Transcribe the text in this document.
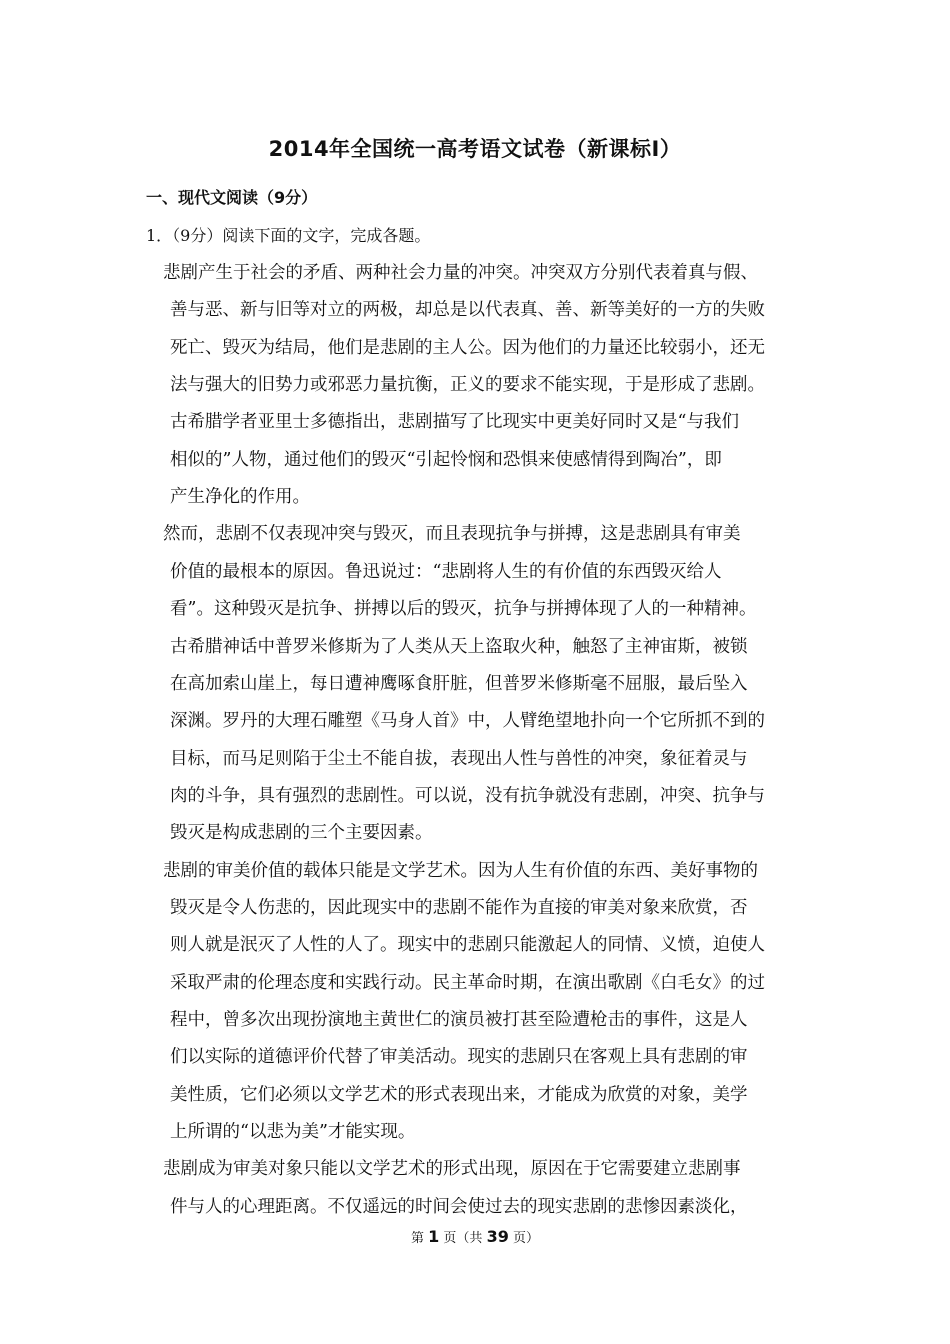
2014年全国统一高考语文试卷（新课标Ⅰ）
一、现代文阅读（9分）
1．（9分）阅读下面的文字，完成各题。
悲剧产生于社会的矛盾、两种社会力量的冲突。冲突双方分别代表着真与假、
善与恶、新与旧等对立的两极，却总是以代表真、善、新等美好的一方的失败
死亡、毁灭为结局，他们是悲剧的主人公。因为他们的力量还比较弱小，还无
法与强大的旧势力或邪恶力量抗衡，正义的要求不能实现，于是形成了悲剧。
古希腊学者亚里士多德指出，悲剧描写了比现实中更美好同时又是“与我们
相似的”人物，通过他们的毁灭“引起怜悯和恐惧来使感情得到陶冶”，即
产生净化的作用。
然而，悲剧不仅表现冲突与毁灭，而且表现抗争与拼搏，这是悲剧具有审美
价值的最根本的原因。鲁迅说过：“悲剧将人生的有价值的东西毁灭给人
看”。这种毁灭是抗争、拼搏以后的毁灭，抗争与拼搏体现了人的一种精神。
古希腊神话中普罗米修斯为了人类从天上盗取火种，触怒了主神宙斯，被锁
在高加索山崖上，每日遭神鹰啄食肝脏，但普罗米修斯毫不屈服，最后坠入
深渊。罗丹的大理石雕塑《马身人首》中，人臂绝望地扑向一个它所抓不到的
目标，而马足则陷于尘土不能自拔，表现出人性与兽性的冲突，象征着灵与
肉的斗争，具有强烈的悲剧性。可以说，没有抗争就没有悲剧，冲突、抗争与
毁灭是构成悲剧的三个主要因素。
悲剧的审美价值的载体只能是文学艺术。因为人生有价值的东西、美好事物的
毁灭是令人伤悲的，因此现实中的悲剧不能作为直接的审美对象来欣赏，否
则人就是泯灭了人性的人了。现实中的悲剧只能激起人的同情、义愤，迫使人
采取严肃的伦理态度和实践行动。民主革命时期，在演出歌剧《白毛女》的过
程中，曾多次出现扮演地主黄世仁的演员被打甚至险遭枪击的事件，这是人
们以实际的道德评价代替了审美活动。现实的悲剧只在客观上具有悲剧的审
美性质，它们必须以文学艺术的形式表现出来，才能成为欣赏的对象，美学
上所谓的“以悲为美”才能实现。
悲剧成为审美对象只能以文学艺术的形式出现，原因在于它需要建立悲剧事
件与人的心理距离。不仅遥远的时间会使过去的现实悲剧的悲惨因素淡化，
第 1 页（共 39 页）
